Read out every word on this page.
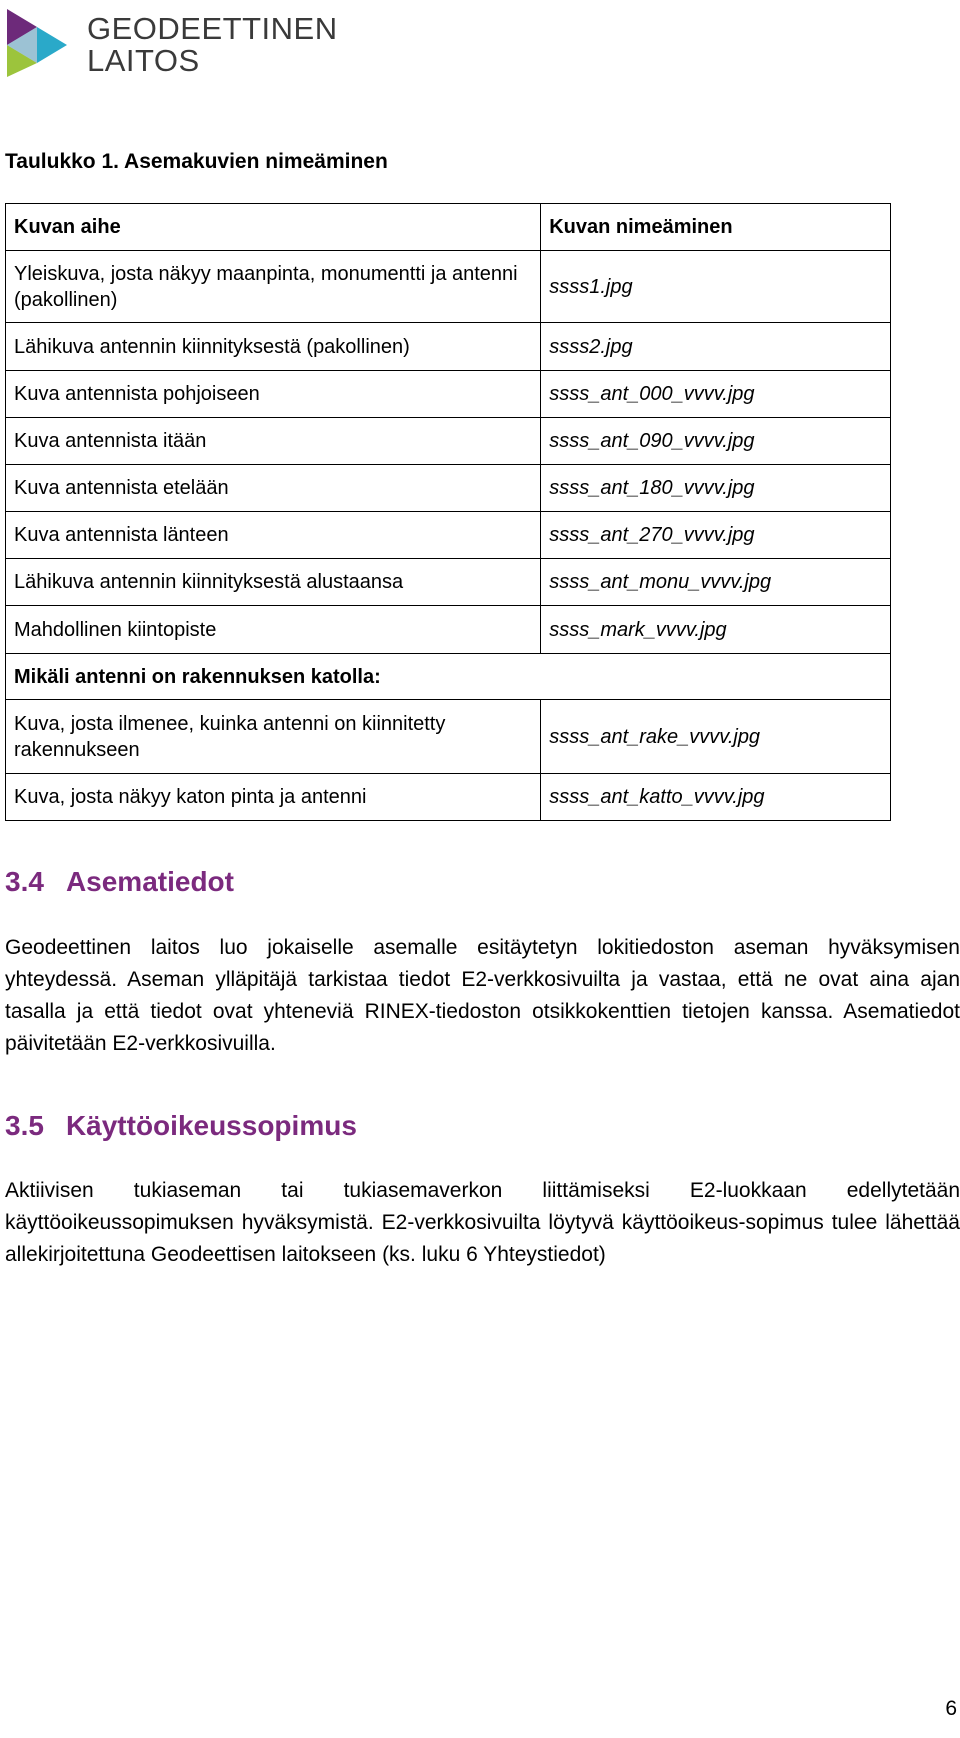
GEODEETTINEN
LAITOS
Taulukko 1. Asemakuvien nimeäminen
Kuvan aihe	Kuvan nimeäminen
Yleiskuva, josta näkyy maanpinta, monumentti ja antenni (pakollinen)	ssss1.jpg
Lähikuva antennin kiinnityksestä (pakollinen)	ssss2.jpg
Kuva antennista pohjoiseen	ssss_ant_000_vvvv.jpg
Kuva antennista itään	ssss_ant_090_vvvv.jpg
Kuva antennista etelään	ssss_ant_180_vvvv.jpg
Kuva antennista länteen	ssss_ant_270_vvvv.jpg
Lähikuva antennin kiinnityksestä alustaansa	ssss_ant_monu_vvvv.jpg
Mahdollinen kiintopiste	ssss_mark_vvvv.jpg
Mikäli antenni on rakennuksen katolla:	
Kuva, josta ilmenee, kuinka antenni on kiinnitetty rakennukseen	ssss_ant_rake_vvvv.jpg
Kuva, josta näkyy katon pinta ja antenni	ssss_ant_katto_vvvv.jpg
3.4 Asematiedot

Geodeettinen laitos luo jokaiselle asemalle esitäytetyn lokitiedoston aseman hyväksymisen yhteydessä. Aseman ylläpitäjä tarkistaa tiedot E2-verkkosivuilta ja vastaa, että ne ovat aina ajan tasalla ja että tiedot ovat yhteneviä RINEX-tiedoston otsikkokenttien tietojen kanssa. Asematiedot päivitetään E2-verkkosivuilla.

3.5 Käyttöoikeussopimus

Aktiivisen tukiaseman tai tukiasemaverkon liittämiseksi E2-luokkaan edellytetään käyttöoikeussopimuksen hyväksymistä. E2-verkkosivuilta löytyvä käyttöoikeus-sopimus tulee lähettää allekirjoitettuna Geodeettisen laitokseen (ks. luku 6 Yhteystiedot)

6
